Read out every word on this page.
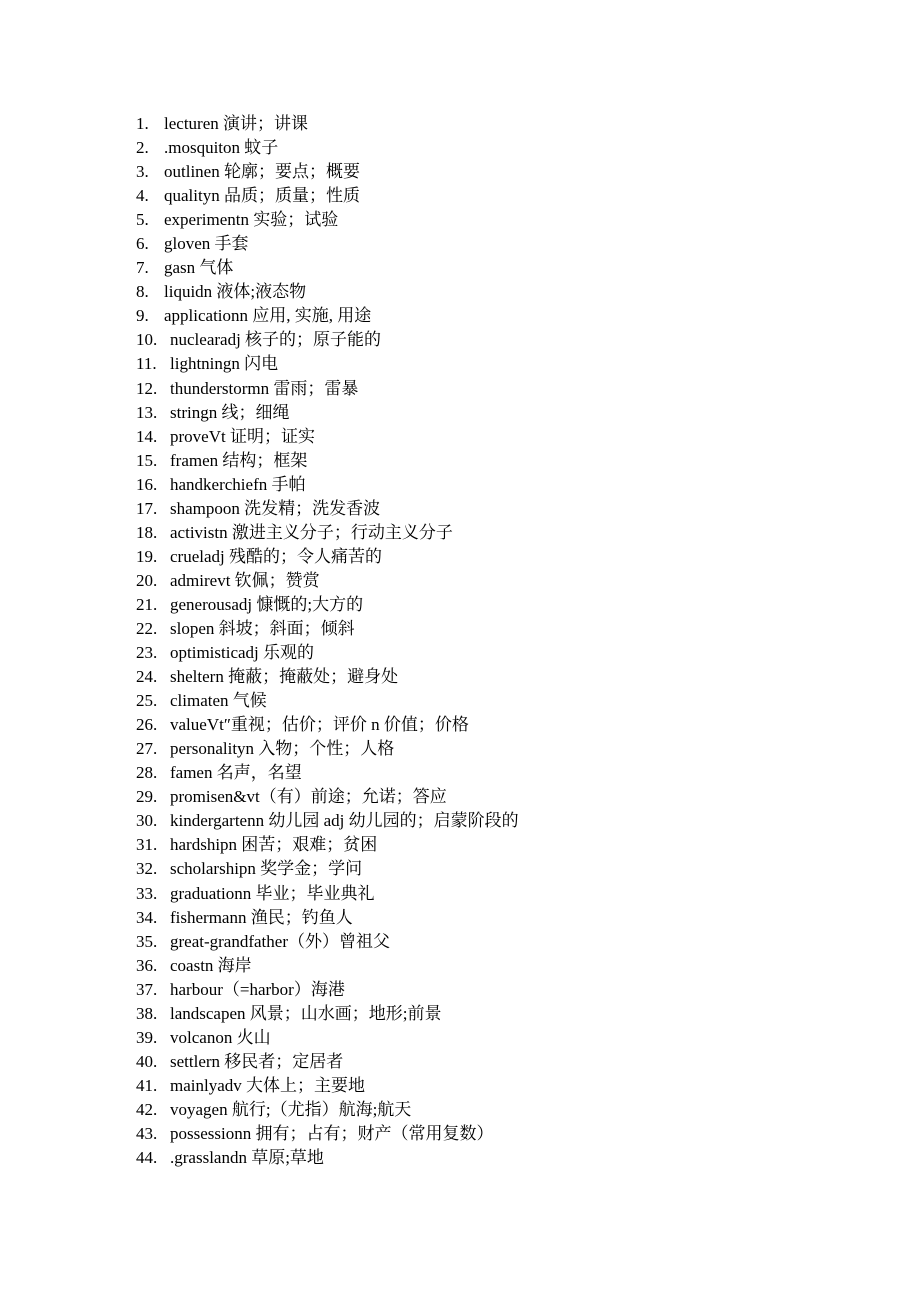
1. lecturen 演讲；讲课
2. .mosquiton 蚊子
3. outlinen 轮廓；要点；概要
4. qualityn 品质；质量；性质
5. experimentn 实验；试验
6. gloven 手套
7. gasn 气体
8. liquidn 液体;液态物
9. applicationn 应用, 实施, 用途
10. nuclearadj 核子的；原子能的
11. lightningn 闪电
12. thunderstormn 雷雨；雷暴
13. stringn 线；细绳
14. proveVt 证明；证实
15. framen 结构；框架
16. handkerchiefn 手帕
17. shampoon 洗发精；洗发香波
18. activistn 激进主义分子；行动主义分子
19. crueladj 残酷的；令人痛苦的
20. admirevt 钦佩；赞赏
21. generousadj 慷慨的;大方的
22. slopen 斜坡；斜面；倾斜
23. optimisticadj 乐观的
24. sheltern 掩蔽；掩蔽处；避身处
25. climaten 气候
26. valueVt″重视；估价；评价 n 价值；价格
27. personalityn 入物；个性；人格
28. famen 名声，名望
29. promisen&vt（有）前途；允诺；答应
30. kindergartenn 幼儿园 adj 幼儿园的；启蒙阶段的
31. hardshipn 困苦；艰难；贫困
32. scholarshipn 奖学金；学问
33. graduationn 毕业；毕业典礼
34. fishermann 渔民；钓鱼人
35. great-grandfather（外）曾祖父
36. coastn 海岸
37. harbour（=harbor）海港
38. landscapen 风景；山水画；地形;前景
39. volcanon 火山
40. settlern 移民者；定居者
41. mainlyadv 大体上；主要地
42. voyagen 航行;（尤指）航海;航天
43. possessionn 拥有；占有；财产（常用复数）
44. .grasslandn 草原;草地
